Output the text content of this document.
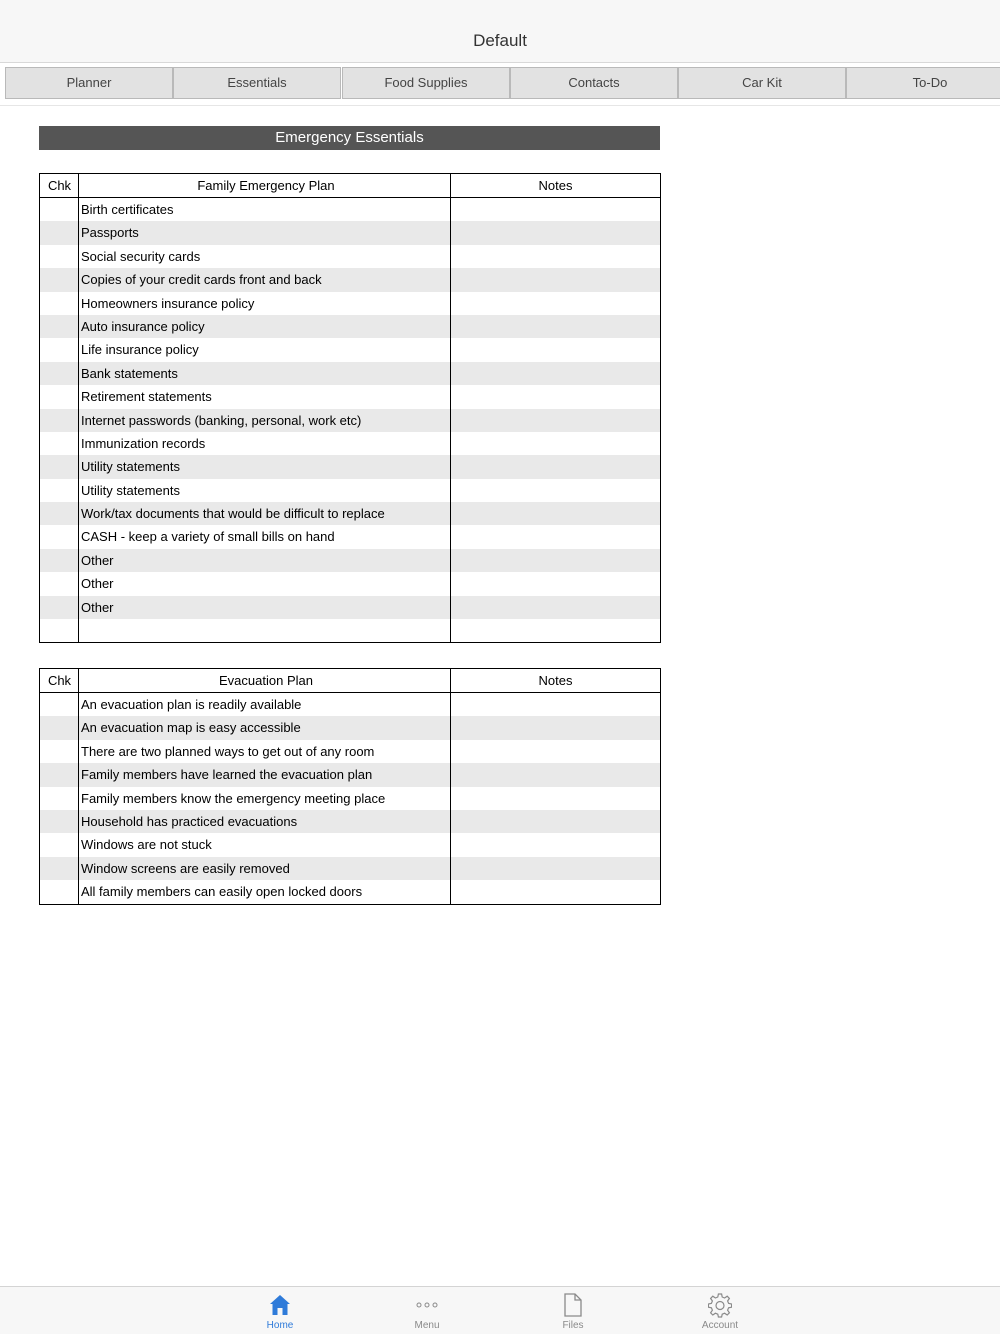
Default
Planner	Essentials	Food Supplies	Contacts	Car Kit	To-Do
Emergency Essentials
Chk	Family Emergency Plan	Notes
Birth certificates
Passports
Social security cards
Copies of your credit cards front and back
Homeowners insurance policy
Auto insurance policy
Life insurance policy
Bank statements
Retirement statements
Internet passwords (banking, personal, work etc)
Immunization records
Utility statements
Utility statements
Work/tax documents that would be difficult to replace
CASH - keep a variety of small bills on hand
Other
Other
Other
Chk	Evacuation Plan	Notes
An evacuation plan is readily available
An evacuation map is easy accessible
There are two planned ways to get out of any room
Family members have learned the evacuation plan
Family members know the emergency meeting place
Household has practiced evacuations
Windows are not stuck
Window screens are easily removed
All family members can easily open locked doors
Home	Menu	Files	Account
